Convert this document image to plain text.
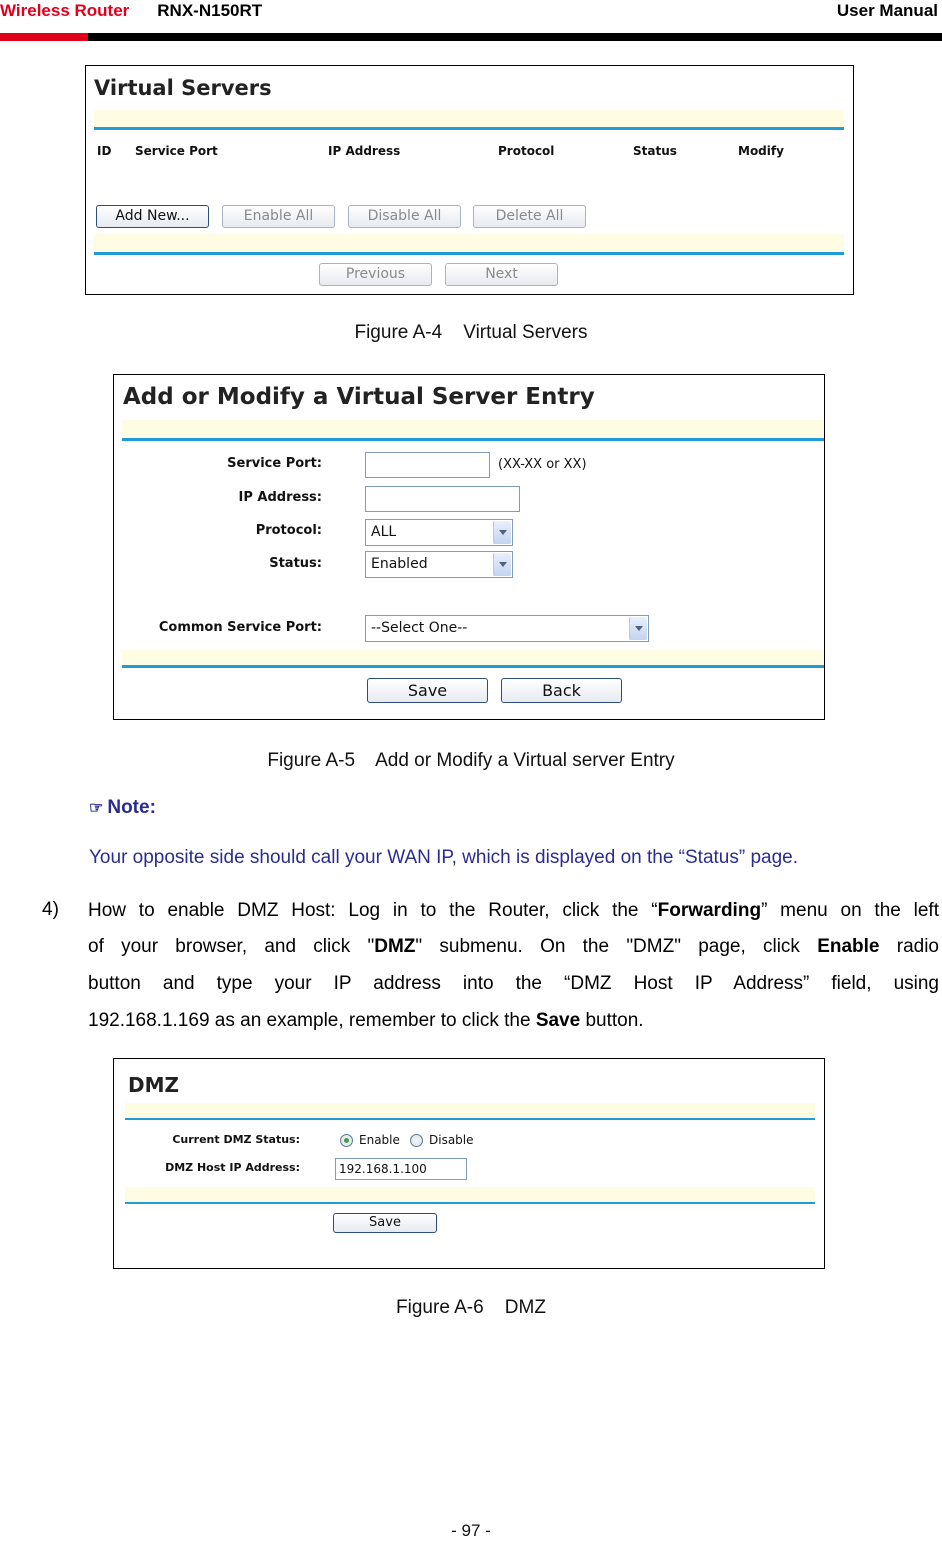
Wireless Router RNX-N150RT	User Manual
Virtual Servers
ID Service Port	IP Address	Protocol	Status	Modify
Add New...	Enable All	Disable All	Delete All
Previous	Next
Figure A-4    Virtual Servers
Add or Modify a Virtual Server Entry
Service Port:	(XX-XX or XX)
IP Address:
Protocol:	ALL
Status:	Enabled
Common Service Port:	--Select One--
Save	Back
Figure A-5    Add or Modify a Virtual server Entry
☞ Note:
Your opposite side should call your WAN IP, which is displayed on the “Status” page.
4) How to enable DMZ Host: Log in to the Router, click the “Forwarding” menu on the left
of your browser, and click "DMZ" submenu. On the "DMZ" page, click Enable radio
button and type your IP address into the “DMZ Host IP Address” field, using
192.168.1.169 as an example, remember to click the Save button.
DMZ
Current DMZ Status:	Enable Disable
DMZ Host IP Address:	192.168.1.100
Save
Figure A-6    DMZ
- 97 -
